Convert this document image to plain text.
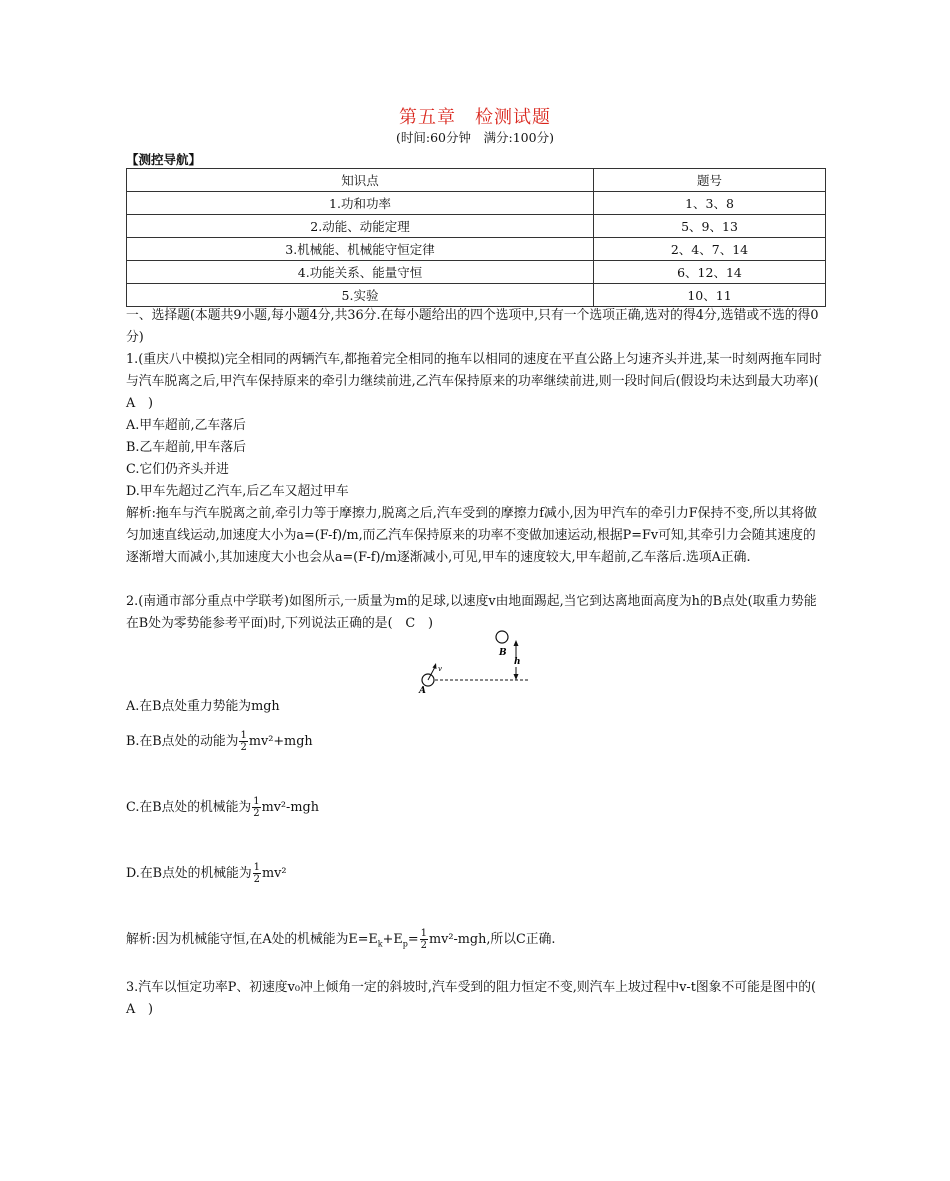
第五章　检测试题
(时间:60分钟　满分:100分)
【测控导航】
知识点	题号
1.功和功率	1、3、8
2.动能、动能定理	5、9、13
3.机械能、机械能守恒定律	2、4、7、14
4.功能关系、能量守恒	6、12、14
5.实验	10、11
一、选择题(本题共9小题,每小题4分,共36分.在每小题给出的四个选项中,只有一个选项正确,选对的得4分,选错或不选的得0分)
1.(重庆八中模拟)完全相同的两辆汽车,都拖着完全相同的拖车以相同的速度在平直公路上匀速齐头并进,某一时刻两拖车同时与汽车脱离之后,甲汽车保持原来的牵引力继续前进,乙汽车保持原来的功率继续前进,则一段时间后(假设均未达到最大功率)(　A　)
A.甲车超前,乙车落后
B.乙车超前,甲车落后
C.它们仍齐头并进
D.甲车先超过乙汽车,后乙车又超过甲车
解析:拖车与汽车脱离之前,牵引力等于摩擦力,脱离之后,汽车受到的摩擦力f减小,因为甲汽车的牵引力F保持不变,所以其将做匀加速直线运动,加速度大小为a=(F-f)/m,而乙汽车保持原来的功率不变做加速运动,根据P=Fv可知,其牵引力会随其速度的逐渐增大而减小,其加速度大小也会从a=(F-f)/m逐渐减小,可见,甲车的速度较大,甲车超前,乙车落后.选项A正确.
2.(南通市部分重点中学联考)如图所示,一质量为m的足球,以速度v由地面踢起,当它到达离地面高度为h的B点处(取重力势能在B处为零势能参考平面)时,下列说法正确的是(　C　)
B
h
v
A
A.在B点处重力势能为mgh
B.在B点处的动能为 $\frac{1}{2} mv^2+mgh$
C.在B点处的机械能为 $\frac{1}{2} mv^2-mgh$
D.在B点处的机械能为 $\frac{1}{2} mv^2$
解析:因为机械能守恒,在A处的机械能为$E=E_k+E_p= \frac{1}{2} mv^2-mgh$,所以C正确.
3.汽车以恒定功率P、初速度v₀冲上倾角一定的斜坡时,汽车受到的阻力恒定不变,则汽车上坡过程中v-t图象不可能是图中的(　A　)
